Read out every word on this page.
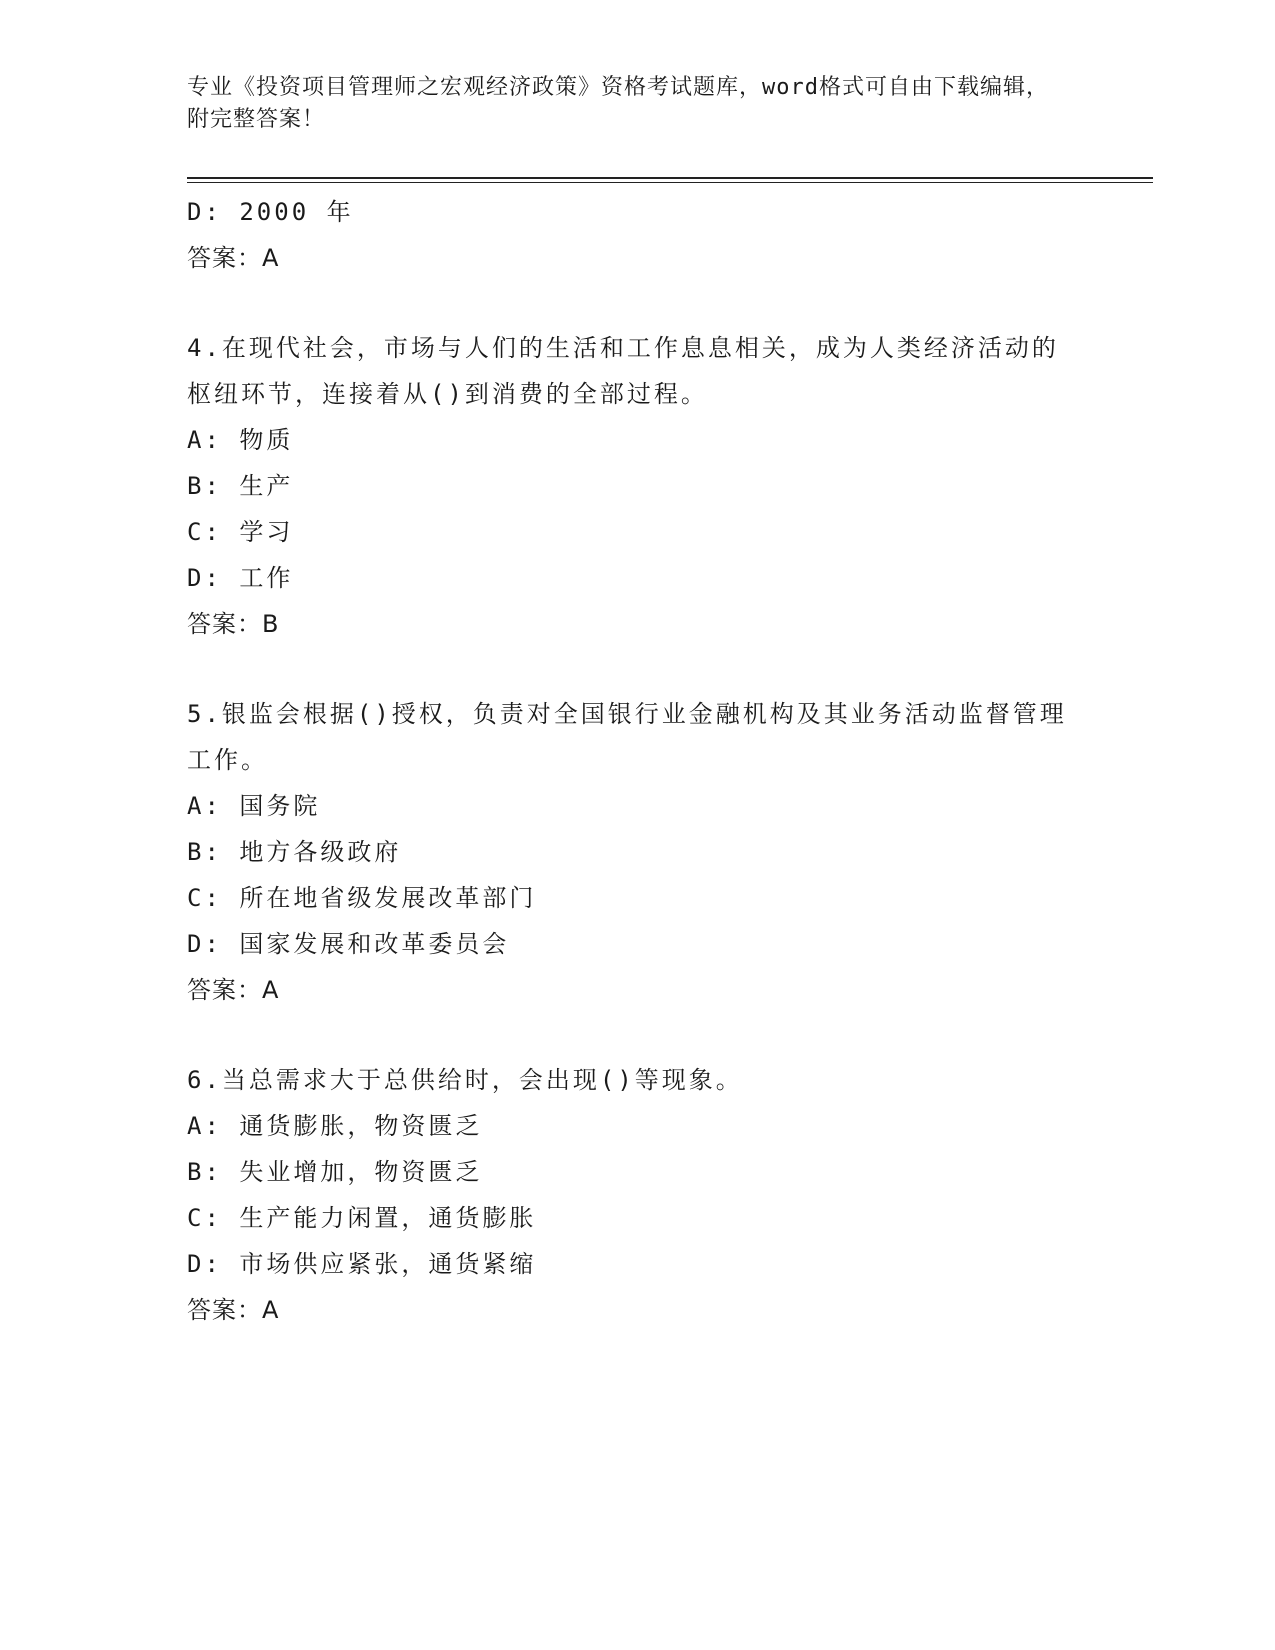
专业《投资项目管理师之宏观经济政策》资格考试题库，word格式可自由下载编辑，附完整答案！
D: 2000 年
答案：A
4.在现代社会，市场与人们的生活和工作息息相关，成为人类经济活动的枢纽环节，连接着从()到消费的全部过程。
A: 物质
B: 生产
C: 学习
D: 工作
答案：B
5.银监会根据()授权，负责对全国银行业金融机构及其业务活动监督管理工作。
A: 国务院
B: 地方各级政府
C: 所在地省级发展改革部门
D: 国家发展和改革委员会
答案：A
6.当总需求大于总供给时，会出现()等现象。
A: 通货膨胀，物资匮乏
B: 失业增加，物资匮乏
C: 生产能力闲置，通货膨胀
D: 市场供应紧张，通货紧缩
答案：A
